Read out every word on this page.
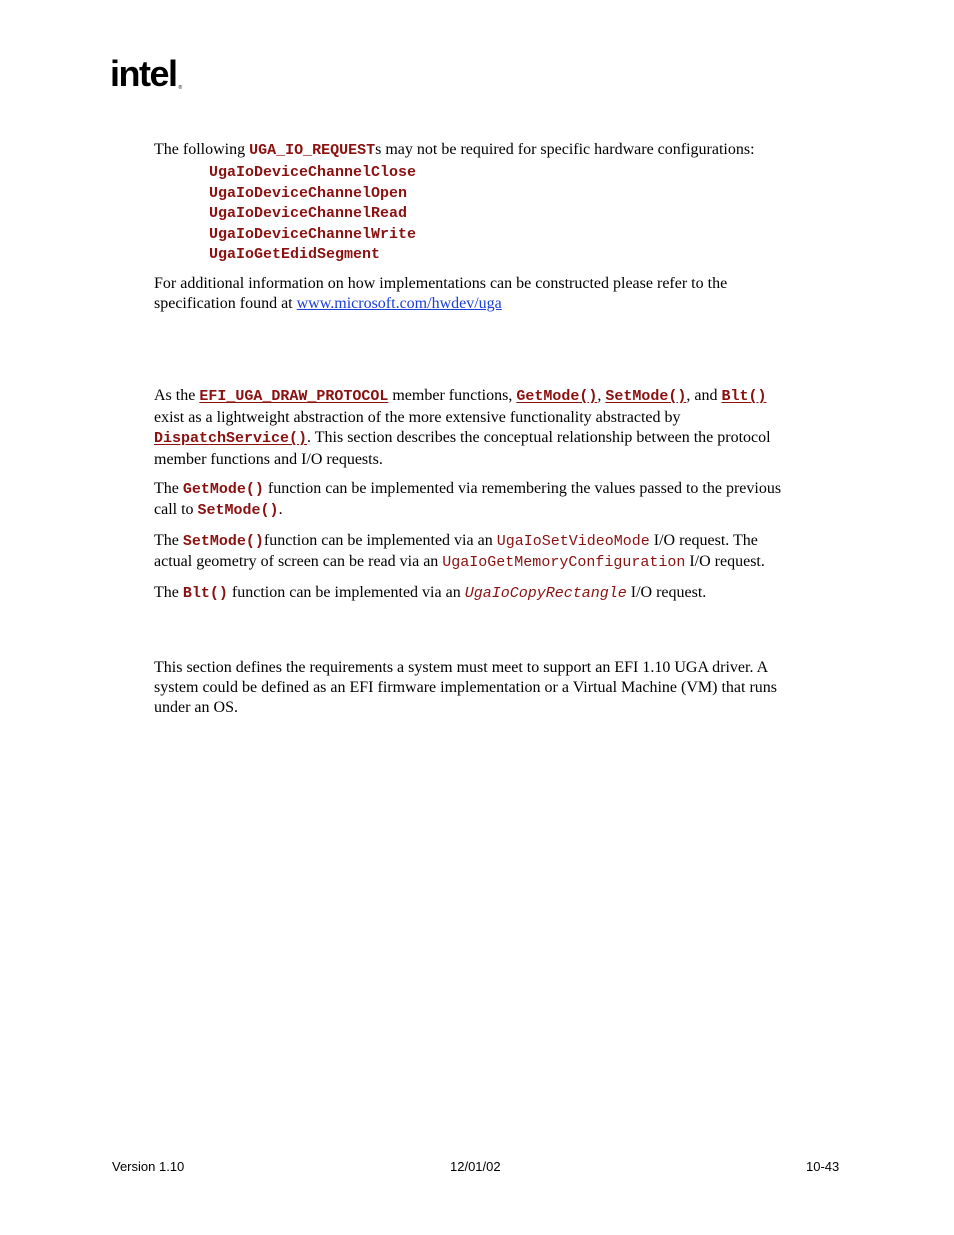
intel ®
The following UGA_IO_REQUESTs may not be required for specific hardware configurations:
UgaIoDeviceChannelClose
UgaIoDeviceChannelOpen
UgaIoDeviceChannelRead
UgaIoDeviceChannelWrite
UgaIoGetEdidSegment
For additional information on how implementations can be constructed please refer to the
specification found at www.microsoft.com/hwdev/uga
As the EFI_UGA_DRAW_PROTOCOL member functions, GetMode(), SetMode(), and Blt()
exist as a lightweight abstraction of the more extensive functionality abstracted by
DispatchService(). This section describes the conceptual relationship between the protocol
member functions and I/O requests.
The GetMode() function can be implemented via remembering the values passed to the previous
call to SetMode().
The SetMode()function can be implemented via an UgaIoSetVideoMode I/O request. The
actual geometry of screen can be read via an UgaIoGetMemoryConfiguration I/O request.
The Blt() function can be implemented via an UgaIoCopyRectangle I/O request.
This section defines the requirements a system must meet to support an EFI 1.10 UGA driver. A
system could be defined as an EFI firmware implementation or a Virtual Machine (VM) that runs
under an OS.
Version 1.10	12/01/02	10-43
